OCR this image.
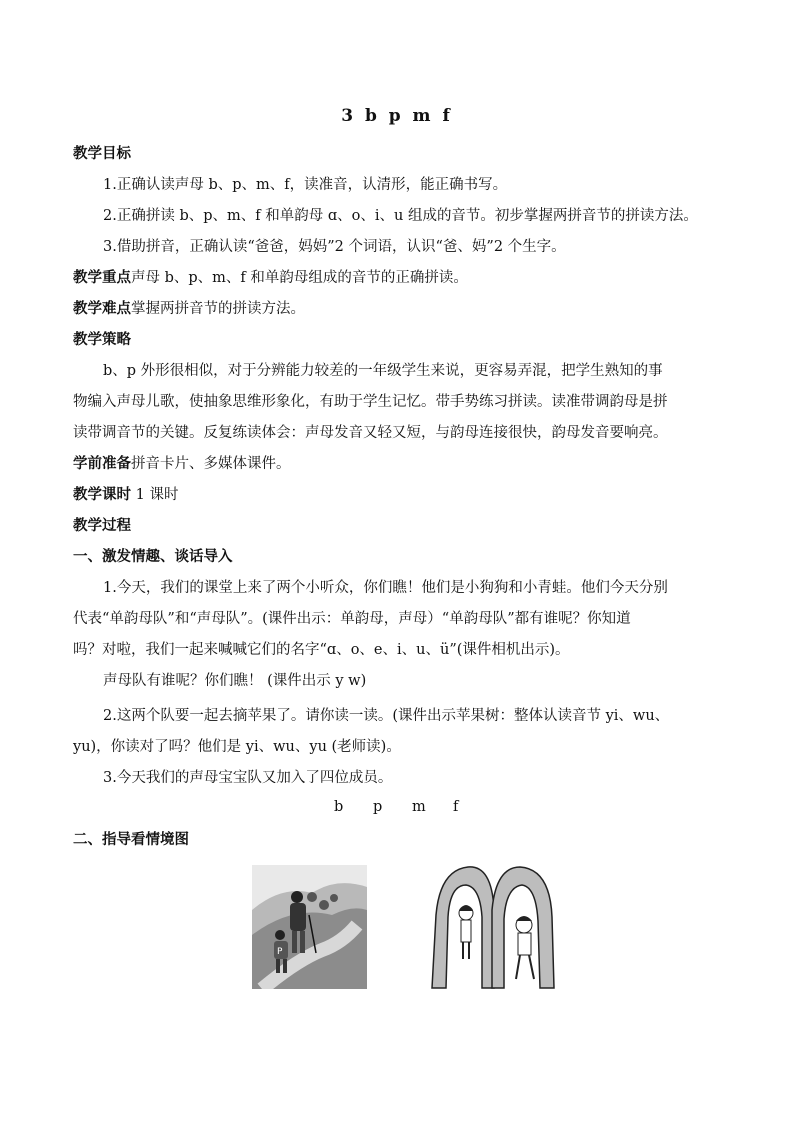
3 b p m f
教学目标
1.正确认读声母 b、p、m、f，读准音，认清形，能正确书写。
2.正确拼读 b、p、m、f 和单韵母 ɑ、o、i、u 组成的音节。初步掌握两拼音节的拼读方法。
3.借助拼音，正确认读“爸爸，妈妈”2 个词语，认识“爸、妈”2 个生字。
教学重点声母 b、p、m、f 和单韵母组成的音节的正确拼读。
教学难点掌握两拼音节的拼读方法。
教学策略
b、p 外形很相似，对于分辨能力较差的一年级学生来说，更容易弄混，把学生熟知的事
物编入声母儿歌，使抽象思维形象化，有助于学生记忆。带手势练习拼读。读准带调韵母是拼
读带调音节的关键。反复练读体会：声母发音又轻又短，与韵母连接很快，韵母发音要响亮。
学前准备拼音卡片、多媒体课件。
教学课时 1 课时
教学过程
一、激发情趣、谈话导入
1.今天，我们的课堂上来了两个小听众，你们瞧！他们是小狗狗和小青蛙。他们今天分别
代表“单韵母队”和“声母队”。(课件出示：单韵母，声母）“单韵母队”都有谁呢？你知道
吗？对啦，我们一起来喊喊它们的名字“ɑ、o、e、i、u、ü”(课件相机出示)。
声母队有谁呢？你们瞧！ (课件出示 y w)
2.这两个队要一起去摘苹果了。请你读一读。(课件出示苹果树：整体认读音节 yi、wu、
yu)，你读对了吗？他们是 yi、wu、yu (老师读)。
3.今天我们的声母宝宝队又加入了四位成员。
b p m f
二、指导看情境图
P
